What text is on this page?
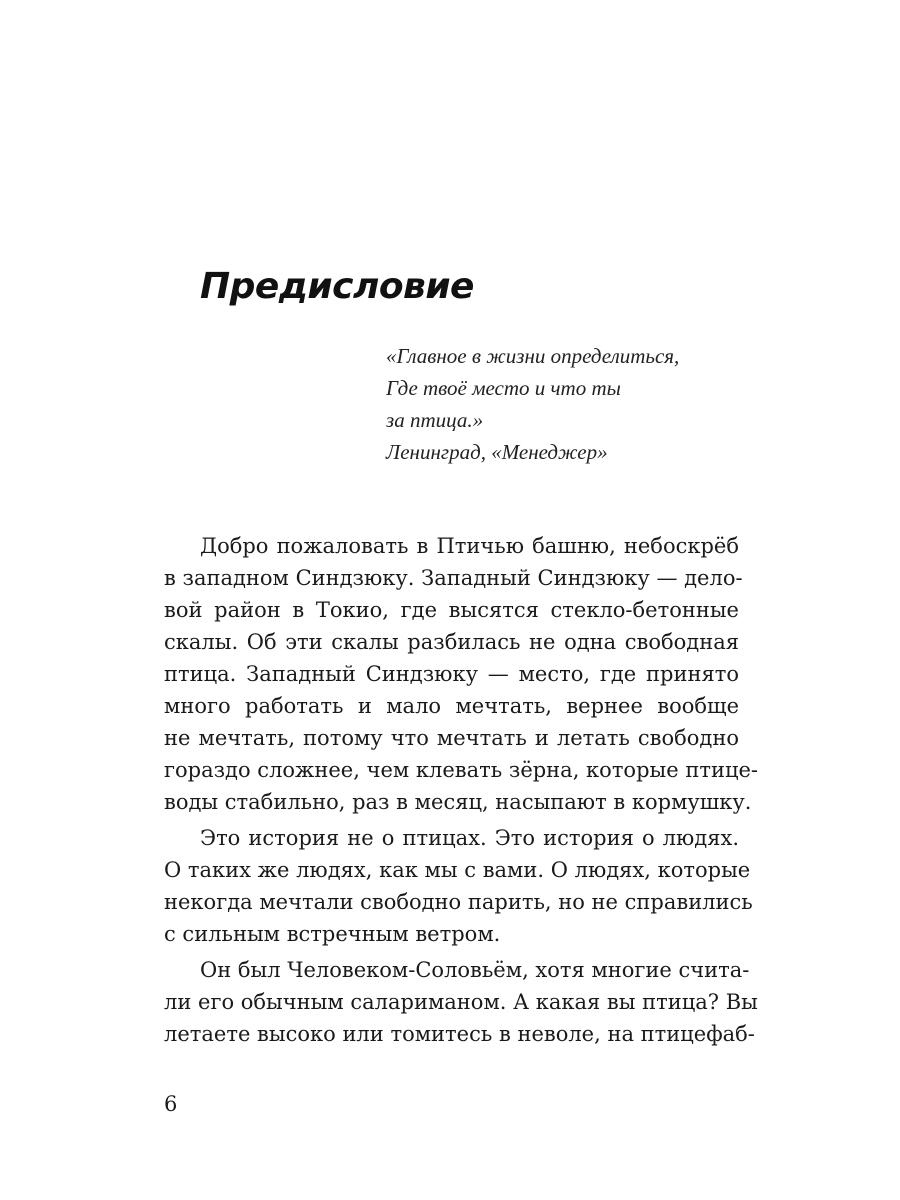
Предисловие
«Главное в жизни определиться,
Где твоё место и что ты
за птица.»
Ленинград, «Менеджер»
Добро пожаловать в Птичью башню, небоскрёб
в западном Синдзюку. Западный Синдзюку — дело-
вой район в Токио, где высятся стекло-бетонные
скалы. Об эти скалы разбилась не одна свободная
птица. Западный Синдзюку — место, где принято
много работать и мало мечтать, вернее вообще
не мечтать, потому что мечтать и летать свободно
гораздо сложнее, чем клевать зёрна, которые птице-
воды стабильно, раз в месяц, насыпают в кормушку.
Это история не о птицах. Это история о людях.
О таких же людях, как мы с вами. О людях, которые
некогда мечтали свободно парить, но не справились
с сильным встречным ветром.
Он был Человеком-Соловьём, хотя многие счита-
ли его обычным салариманом. А какая вы птица? Вы
летаете высоко или томитесь в неволе, на птицефаб-
6
